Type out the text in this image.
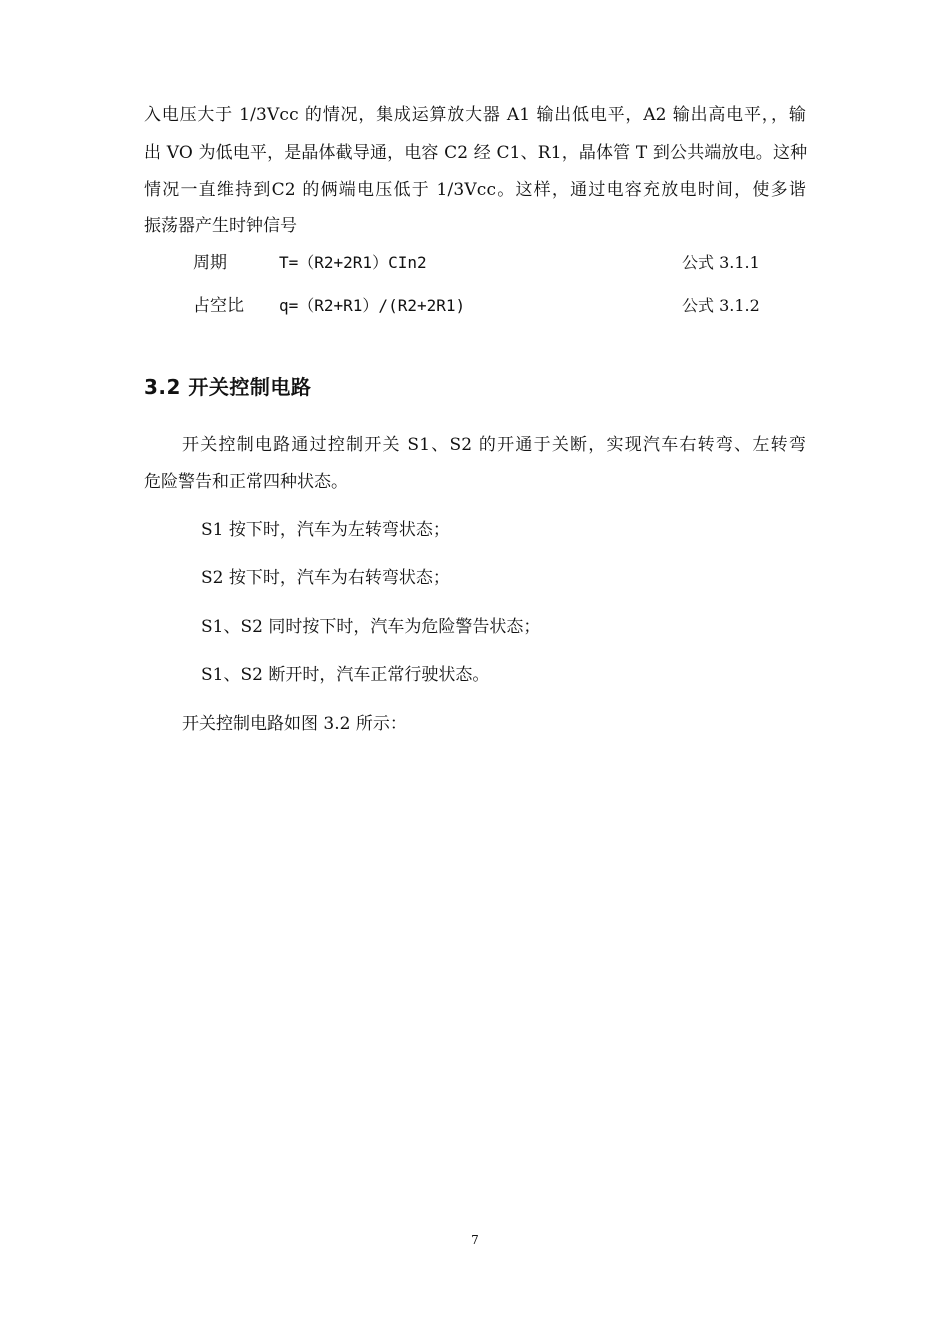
入电压大于 1/3Vcc 的情况，集成运算放大器 A1 输出低电平，A2 输出高电平，，输
出 VO 为低电平，是晶体截导通，电容 C2 经 C1、R1，晶体管 T 到公共端放电。这种
情况一直维持到C2 的俩端电压低于 1/3Vcc。这样，通过电容充放电时间，使多谐
振荡器产生时钟信号
周期	T=（R2+2R1）CIn2	公式 3.1.1
占空比 q=（R2+R1）/(R2+2R1)	公式 3.1.2
3.2 开关控制电路
开关控制电路通过控制开关 S1、S2 的开通于关断，实现汽车右转弯、左转弯
危险警告和正常四种状态。
S1 按下时，汽车为左转弯状态；
S2 按下时，汽车为右转弯状态；
S1、S2 同时按下时，汽车为危险警告状态；
S1、S2 断开时，汽车正常行驶状态。

开关控制电路如图 3.2 所示：

7
